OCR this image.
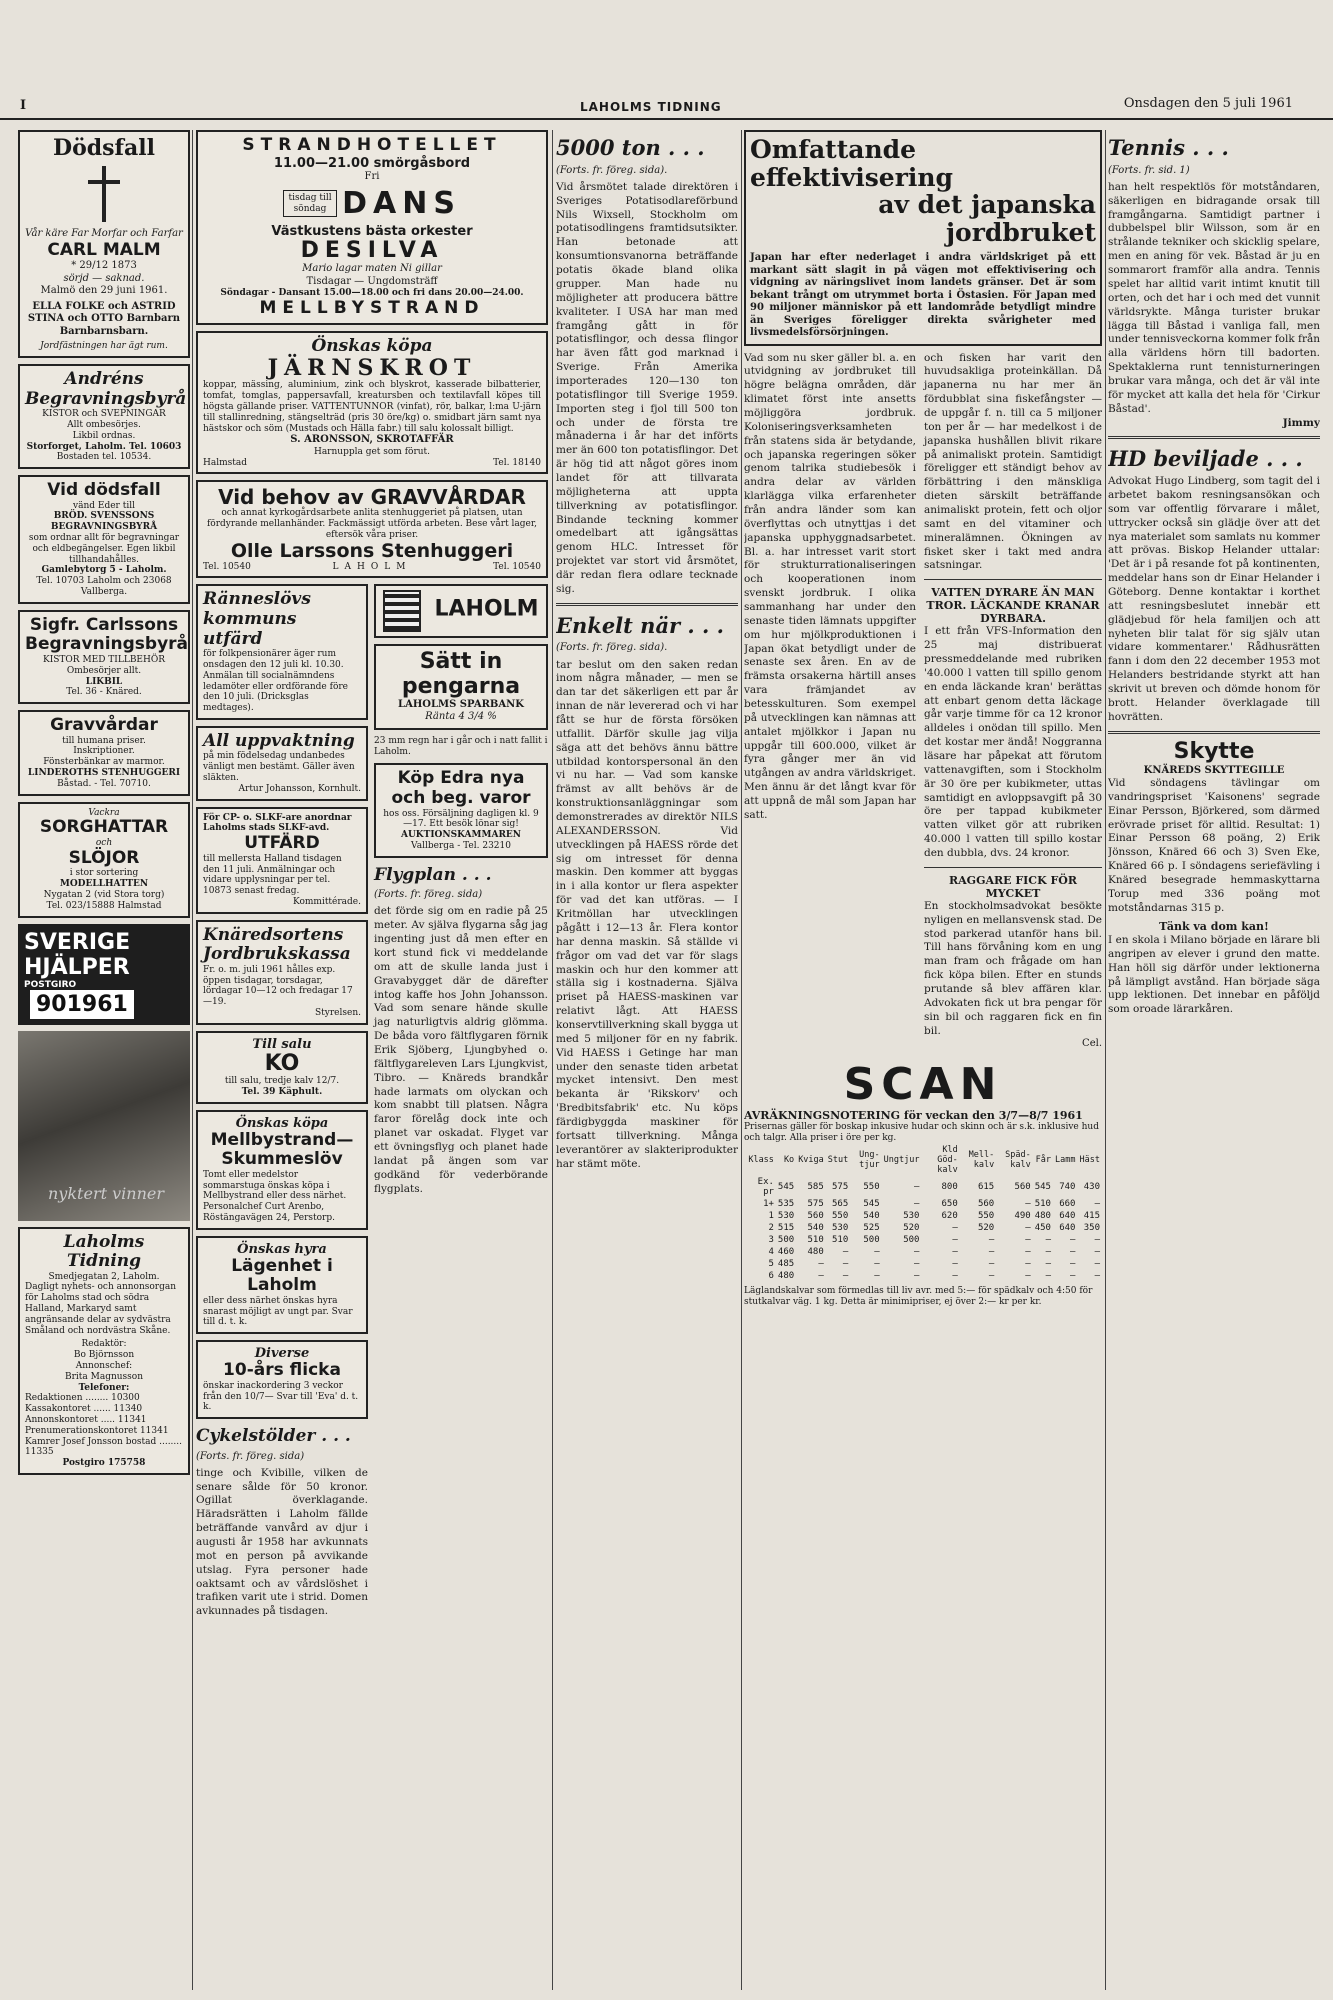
I	LAHOLMS TIDNING	Onsdagen den 5 juli 1961
Dödsfall
Vår käre Far Morfar och Farfar
CARL MALM
* 29/12 1873
sörjd — saknad.
Malmö den 29 juni 1961.
ELLA FOLKE och ASTRID STINA och OTTO Barnbarn Barnbarnsbarn.
Jordfästningen har ägt rum.
Andréns Begravningsbyrå
KISTOR och SVEPNINGAR
Allt ombesörjes.
Likbil ordnas.
Storforget, Laholm. Tel. 10603
Bostaden tel. 10534.
Vid dödsfall
vänd Eder till
BRÖD. SVENSSONS BEGRAVNINGSBYRÅ
som ordnar allt för begravningar och eldbegängelser. Egen likbil tillhandahålles.
Gamlebytorg 5 - Laholm.
Tel. 10703 Laholm och 23068 Vallberga.
Sigfr. Carlssons Begravningsbyrå
KISTOR MED TILLBEHÖR
Ombesörjer allt.
LIKBIL
Tel. 36 - Knäred.
Gravvårdar
till humana priser.
Inskriptioner.
Fönsterbänkar av marmor.
LINDEROTHS STENHUGGERI
Båstad. - Tel. 70710.
Vackra
SORGHATTAR
och
SLÖJOR
i stor sortering
MODELLHATTEN
Nygatan 2 (vid Stora torg)
Tel. 023/15888 Halmstad
SVERIGE HJÄLPER
POSTGIRO
901961
nyktert vinner
Laholms Tidning
Smedjegatan 2, Laholm.
Dagligt nyhets- och annonsorgan för Laholms stad och södra Halland, Markaryd samt angränsande delar av sydvästra Småland och nordvästra Skåne.
Redaktör:
Bo Björnsson
Annonschef:
Brita Magnusson
Telefoner:
Redaktionen ........ 10300
Kassakontoret ...... 11340
Annonskontoret ..... 11341
Prenumerationskontoret 11341
Kamrer Josef Jonsson bostad ........ 11335
Postgiro 175758
STRANDHOTELLET
11.00—21.00 smörgåsbord
Fri
tisdag till söndag DANS
Västkustens bästa orkester
DESILVA
Mario lagar maten Ni gillar
Tisdagar — Ungdomsträff
Söndagar - Dansant 15.00—18.00 och fri dans 20.00—24.00.
MELLBYSTRAND
Önskas köpa
JÄRNSKROT
koppar, mässing, aluminium, zink och blyskrot, kasserade bilbatterier, tomfat, tomglas, pappersavfall, kreatursben och textilavfall köpes till högsta gällande priser. VATTENTUNNOR (vinfat), rör, balkar, l:ma U-järn till stallinredning, stängselträd (pris 30 öre/kg) o. smidbart järn samt nya hästskor och söm (Mustads och Hälla fabr.) till salu kolossalt billigt.
S. ARONSSON, SKROTAFFÄR
Harnuppla get som förut.
Halmstad	Tel. 18140
Vid behov av GRAVVÅRDAR
och annat kyrkogårdsarbete anlita stenhuggeriet på platsen, utan fördyrande mellanhänder. Fackmässigt utförda arbeten. Bese vårt lager, eftersök våra priser.
Olle Larssons Stenhuggeri
Tel. 10540	LAHOLM	Tel. 10540
Ränneslövs kommuns utfärd
för folkpensionärer äger rum onsdagen den 12 juli kl. 10.30. Anmälan till socialnämndens ledamöter eller ordförande före den 10 juli. (Dricksglas medtages).
All uppvaktning
på min födelsedag undanbedes vänligt men bestämt. Gäller även släkten.
Artur Johansson, Kornhult.
För CP- o. SLKF-are anordnar Laholms stads SLKF-avd.
UTFÄRD
till mellersta Halland tisdagen den 11 juli. Anmälningar och vidare upplysningar per tel. 10873 senast fredag.
Kommittérade.
Knäredsortens Jordbrukskassa
Fr. o. m. juli 1961 hålles exp. öppen tisdagar, torsdagar, lördagar 10—12 och fredagar 17—19.
Styrelsen.
Till salu
KO
till salu, tredje kalv 12/7.
Tel. 39 Käphult.
Önskas köpa
Mellbystrand— Skummeslöv
Tomt eller medelstor sommarstuga önskas köpa i Mellbystrand eller dess närhet. Personalchef Curt Arenbo, Röstängavägen 24, Perstorp.
Önskas hyra
Lägenhet i Laholm
eller dess närhet önskas hyra snarast möjligt av ungt par. Svar till d. t. k.
Diverse
10-års flicka
önskar inackordering 3 veckor från den 10/7— Svar till 'Eva' d. t. k.
Cykelstölder . . .
(Forts. fr. föreg. sida)
tinge och Kvibille, vilken de senare sålde för 50 kronor. Ogillat överklagande. Häradsrätten i Laholm fällde beträffande vanvård av djur i augusti år 1958 har avkunnats mot en person på avvikande utslag. Fyra personer hade oaktsamt och av vårdslöshet i trafiken varit ute i strid. Domen avkunnades på tisdagen.
LAHOLM
Sätt in pengarna
LAHOLMS SPARBANK
Ränta 4 3/4 %
23 mm regn har i går och i natt fallit i Laholm.
Köp Edra nya och beg. varor
hos oss. Försäljning dagligen kl. 9—17. Ett besök lönar sig!
AUKTIONSKAMMAREN
Vallberga - Tel. 23210
Flygplan . . .
(Forts. fr. föreg. sida)
det förde sig om en radie på 25 meter. Av själva flygarna såg jag ingenting just då men efter en kort stund fick vi meddelande om att de skulle landa just i Gravabygget där de därefter intog kaffe hos John Johansson. Vad som senare hände skulle jag naturligtvis aldrig glömma. De båda voro fältflygaren förnik Erik Sjöberg, Ljungbyhed o. fältflygareleven Lars Ljungkvist, Tibro. — Knäreds brandkår hade larmats om olyckan och kom snabbt till platsen. Några faror förelåg dock inte och planet var oskadat. Flyget var ett övningsflyg och planet hade landat på ängen som var godkänd för vederbörande flygplats.
5000 ton . . .
(Forts. fr. föreg. sida).
Vid årsmötet talade direktören i Sveriges Potatisodlareförbund Nils Wixsell, Stockholm om potatisodlingens framtidsutsikter. Han betonade att konsumtionsvanorna beträffande potatis ökade bland olika grupper. Man hade nu möjligheter att producera bättre kvaliteter. I USA har man med framgång gått in för potatisflingor, och dessa flingor har även fått god marknad i Sverige. Från Amerika importerades 120—130 ton potatisflingor till Sverige 1959. Importen steg i fjol till 500 ton och under de första tre månaderna i år har det införts mer än 600 ton potatisflingor. Det är hög tid att något göres inom landet för att tillvarata möjligheterna att uppta tillverkning av potatisflingor. Bindande teckning kommer omedelbart att igångsättas genom HLC. Intresset för projektet var stort vid årsmötet, där redan flera odlare tecknade sig.
Enkelt när . . .
(Forts. fr. föreg. sida).
tar beslut om den saken redan inom några månader, — men se dan tar det säkerligen ett par år innan de när levererad och vi har fått se hur de första försöken utfallit. Därför skulle jag vilja säga att det behövs ännu bättre utbildad kontorspersonal än den vi nu har. — Vad som kanske främst av allt behövs är de konstruktionsanläggningar som demonstrerades av direktör NILS ALEXANDERSSON. Vid utvecklingen på HAESS rörde det sig om intresset för denna maskin. Den kommer att byggas in i alla kontor ur flera aspekter för vad det kan utföras. — I Kritmöllan har utvecklingen pågått i 12—13 år. Flera kontor har denna maskin. Så ställde vi frågor om vad det var för slags maskin och hur den kommer att ställa sig i kostnaderna. Själva priset på HAESS-maskinen var relativt lågt. Att HAESS konservtillverkning skall bygga ut med 5 miljoner för en ny fabrik. Vid HAESS i Getinge har man under den senaste tiden arbetat mycket intensivt. Den mest bekanta är 'Rikskorv' och 'Bredbitsfabrik' etc. Nu köps färdigbyggda maskiner för fortsatt tillverkning. Många leverantörer av slakteriprodukter har stämt möte.
Omfattande effektivisering
av det japanska jordbruket
Japan har efter nederlaget i andra världskriget på ett markant sätt slagit in på vägen mot effektivisering och vidgning av näringslivet inom landets gränser. Det är som bekant trångt om utrymmet borta i Östasien. För Japan med 90 miljoner människor på ett landområde betydligt mindre än Sveriges föreligger direkta svårigheter med livsmedelsförsörjningen.
Vad som nu sker gäller bl. a. en utvidgning av jordbruket till högre belägna områden, där klimatet först inte ansetts möjliggöra jordbruk. Koloniseringsverksamheten från statens sida är betydande, och japanska regeringen söker genom talrika studiebesök i andra delar av världen klarlägga vilka erfarenheter från andra länder som kan överflyttas och utnyttjas i det japanska upphyggnadsarbetet. Bl. a. har intresset varit stort för strukturrationaliseringen och kooperationen inom svenskt jordbruk. I olika sammanhang har under den senaste tiden lämnats uppgifter om hur mjölkproduktionen i Japan ökat betydligt under de senaste sex åren. En av de främsta orsakerna härtill anses vara främjandet av betesskulturen. Som exempel på utvecklingen kan nämnas att antalet mjölkkor i Japan nu uppgår till 600.000, vilket är fyra gånger mer än vid utgången av andra världskriget. Men ännu är det långt kvar för att uppnå de mål som Japan har satt.
och fisken har varit den huvudsakliga proteinkällan. Då japanerna nu har mer än fördubblat sina fiskefångster — de uppgår f. n. till ca 5 miljoner ton per år — har medelkost i de japanska hushållen blivit rikare på animaliskt protein. Samtidigt föreligger ett ständigt behov av förbättring i den mänskliga dieten särskilt beträffande animaliskt protein, fett och oljor samt en del vitaminer och mineralämnen. Ökningen av fisket sker i takt med andra satsningar.
VATTEN DYRARE ÄN MAN TROR. LÄCKANDE KRANAR DYRBARA.
I ett från VFS-Information den 25 maj distribuerat pressmeddelande med rubriken '40.000 l vatten till spillo genom en enda läckande kran' berättas att enbart genom detta läckage går varje timme för ca 12 kronor alldeles i onödan till spillo. Men det kostar mer ändå! Noggranna läsare har påpekat att förutom vattenavgiften, som i Stockholm är 30 öre per kubikmeter, uttas samtidigt en avloppsavgift på 30 öre per tappad kubikmeter vatten vilket gör att rubriken 40.000 l vatten till spillo kostar den dubbla, dvs. 24 kronor.
RAGGARE FICK FÖR MYCKET
En stockholmsadvokat besökte nyligen en mellansvensk stad. De stod parkerad utanför hans bil. Till hans förvåning kom en ung man fram och frågade om han fick köpa bilen. Efter en stunds prutande så blev affären klar. Advokaten fick ut bra pengar för sin bil och raggaren fick en fin bil.
Cel.
SCAN
AVRÄKNINGSNOTERING för veckan den 3/7—8/7 1961
Prisernas gäller för boskap inkusive hudar och skinn och är s.k. inklusive hud och talgr. Alla priser i öre per kg.
Klass	Ko	Kviga	Stut	Ung-tjur	Ungtjur	Kld Göd-kalv	Mell-kalv	Späd-kalv	Får	Lamm	Häst
Ex. pr	545	585	575	550	—	800	615	560	545	740	430
1+	535	575	565	545	—	650	560	—	510	660	—
1	530	560	550	540	530	620	550	490	480	640	415
2	515	540	530	525	520	—	520	—	450	640	350
3	500	510	510	500	500	—	—	—	—	—	—
4	460	480	—	—	—	—	—	—	—	—	—
5	485	—	—	—	—	—	—	—	—	—	—
6	480	—	—	—	—	—	—	—	—	—	—
Läglandskalvar som förmedlas till liv avr. med 5:— för spädkalv och 4:50 för stutkalvar väg. 1 kg. Detta är minimipriser, ej över 2:— kr per kr.
Tennis . . .
(Forts. fr. sid. 1)
han helt respektlös för motståndaren, säkerligen en bidragande orsak till framgångarna. Samtidigt partner i dubbelspel blir Wilsson, som är en strålande tekniker och skicklig spelare, men en aning för vek. Båstad är ju en sommarort framför alla andra. Tennis spelet har alltid varit intimt knutit till orten, och det har i och med det vunnit världsrykte. Många turister brukar lägga till Båstad i vanliga fall, men under tennisveckorna kommer folk från alla världens hörn till badorten. Spektaklerna runt tennisturneringen brukar vara många, och det är väl inte för mycket att kalla det hela för 'Cirkur Båstad'.
Jimmy
HD beviljade . . .
Advokat Hugo Lindberg, som tagit del i arbetet bakom resningsansökan och som var offentlig förvarare i målet, uttrycker också sin glädje över att det nya materialet som samlats nu kommer att prövas. Biskop Helander uttalar: 'Det är i på resande fot på kontinenten, meddelar hans son dr Einar Helander i Göteborg. Denne kontaktar i korthet att resningsbeslutet innebär ett glädjebud för hela familjen och att nyheten blir talat för sig själv utan vidare kommentarer.' Rådhusrätten fann i dom den 22 december 1953 mot Helanders bestridande styrkt att han skrivit ut breven och dömde honom för brott. Helander överklagade till hovrätten.
Skytte
KNÄREDS SKYTTEGILLE
Vid söndagens tävlingar om vandringspriset 'Kaisonens' segrade Einar Persson, Björkered, som därmed erövrade priset för alltid. Resultat: 1) Einar Persson 68 poäng, 2) Erik Jönsson, Knäred 66 och 3) Sven Eke, Knäred 66 p. I söndagens seriefävling i Knäred besegrade hemmaskyttarna Torup med 336 poäng mot motståndarnas 315 p.
Tänk va dom kan!
I en skola i Milano började en lärare bli angripen av elever i grund den matte. Han höll sig därför under lektionerna på lämpligt avstånd. Han började säga upp lektionen. Det innebar en påföljd som oroade lärarkåren.
